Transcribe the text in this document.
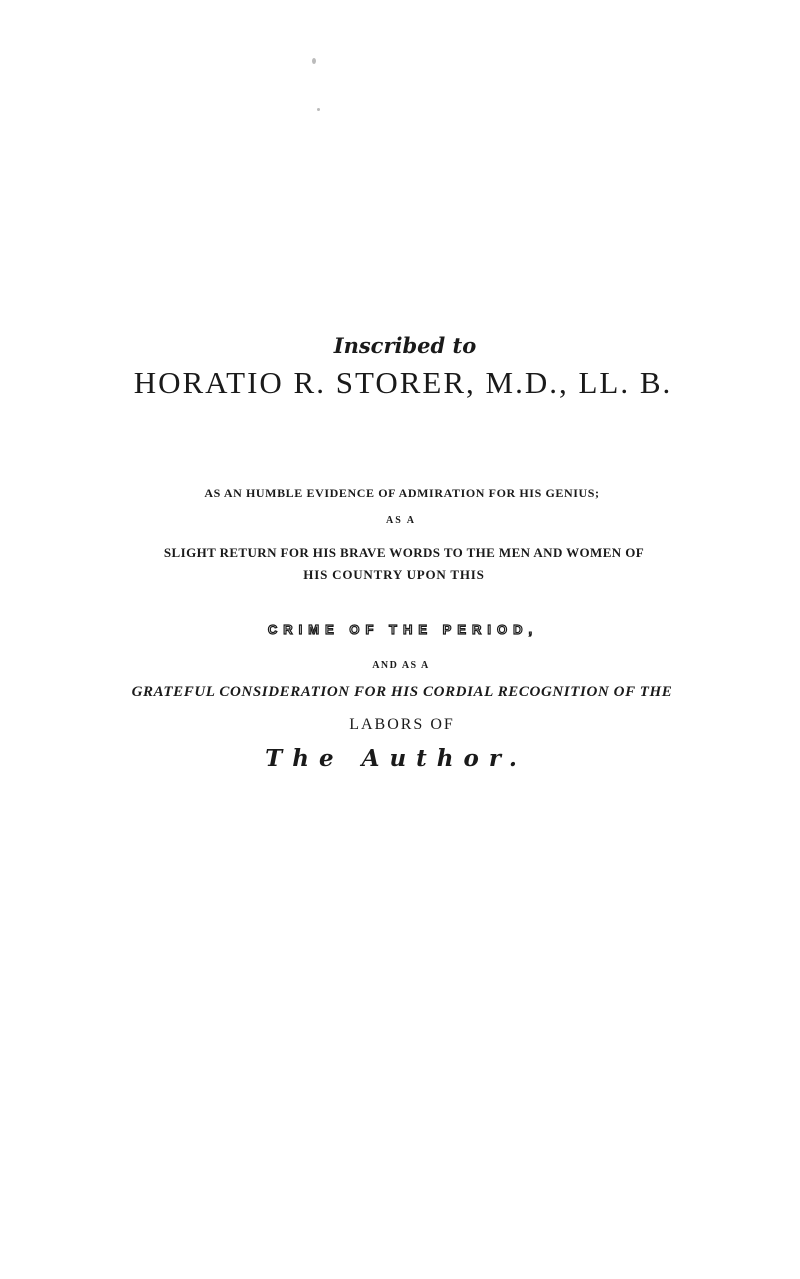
Inscribed to
HORATIO R. STORER, M.D., LL. B.
AS AN HUMBLE EVIDENCE OF ADMIRATION FOR HIS GENIUS;
AS A
SLIGHT RETURN FOR HIS BRAVE WORDS TO THE MEN AND WOMEN OF
HIS COUNTRY UPON THIS
CRIME OF THE PERIOD,
AND AS A
GRATEFUL CONSIDERATION FOR HIS CORDIAL RECOGNITION OF THE
LABORS OF
The Author.
